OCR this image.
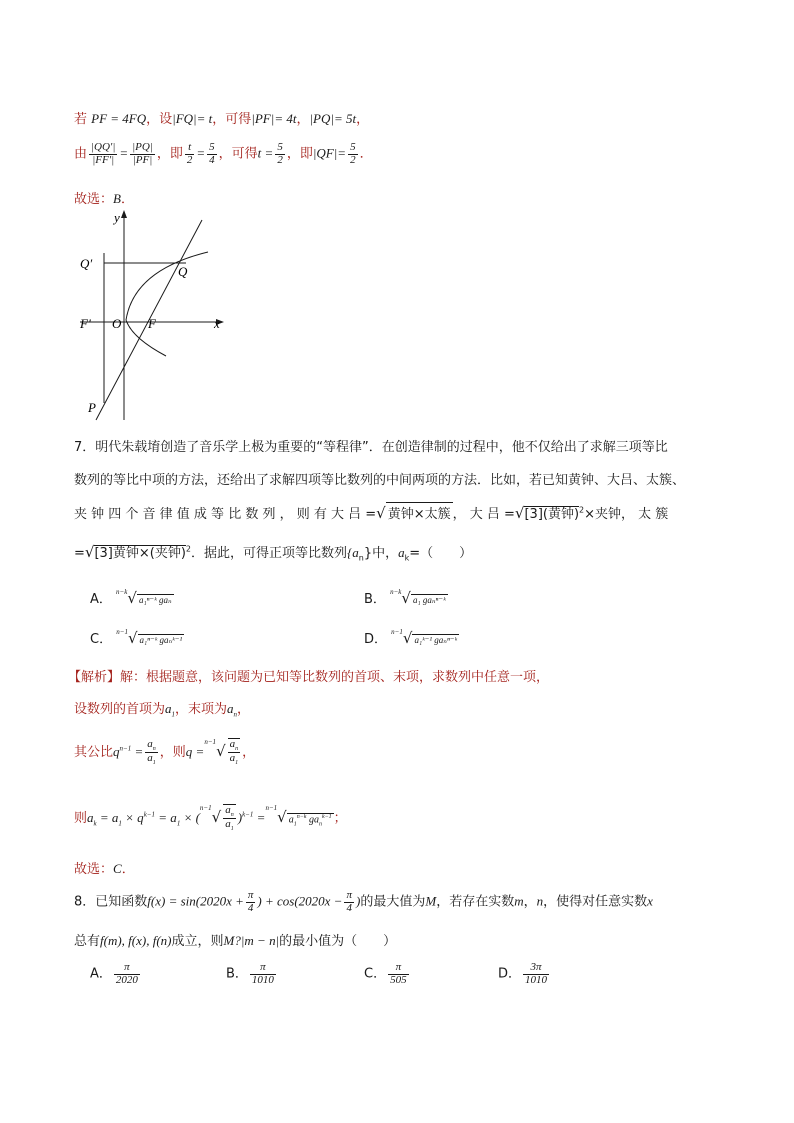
若 PF = 4FQ，设|FQ|= t，可得|PF|= 4t，|PQ|= 5t，
由 $\frac{|QQ'|}{|FF'|} = \frac{|PQ|}{|PF|}$ ，即 $\frac{t}{2} = \frac{5}{4}$ ，可得$t = \frac{5}{2}$ ，即$|QF|= \frac{5}{2}$ ．
故选：B．
y
x
Q′
Q
F′ O F
P
7．明代朱载堉创造了音乐学上极为重要的“等程律”．在创造律制的过程中，他不仅给出了求解三项等比
数列的等比中项的方法，还给出了求解四项等比数列的中间两项的方法．比如，若已知黄钟、大吕、太簇、
夹 钟 四 个 音 律 值 成 等 比 数 列 ， 则 有 大 吕 =√ 黄钟×太簇 ， 大 吕 =√[3](黄钟)$^2$×夹钟， 太 簇
=√[3]黄钟×(夹钟)$^2$．据此，可得正项等比数列$\{a_n\}$中，$a_k=$（　　）
A． $^{n-k}$√ a₁ⁿ⁻ᵏ gaₙ	B． $^{n-k}$√ a₁ gaₙⁿ⁻ᵏ
C． $^{n-1}$√ a₁ⁿ⁻ᵏ gaₙᵏ⁻¹	D． $^{n-1}$√ a₁ᵏ⁻¹ gaₙⁿ⁻ᵏ
【解析】解：根据题意，该问题为已知等比数列的首项、末项，求数列中任意一项，
设数列的首项为$a_1$，末项为$a_n$，
其公比$q^{n-1} = \frac{a_n}{a_1}$ ，则$q =^{n-1}√ \frac{a_n}{a_1}$ ，
则$a_k = a_1 \times q^{k-1} = a_1 \times (^{n-1}√ \frac{a_n}{a_1} )^{k-1} =^{n-1}√$ $a_1^{n-k}$ $ga_n^{k-1}$ ；
故选：C．
8．已知函数$f(x) = \sin(2020x + \frac{\pi}{4}$ ) + $\cos(2020x - \frac{\pi}{4}$ )的最大值为M，若存在实数m，n，使得对任意实数x
总有f(m), f(x), f(n)成立，则M?|m − n|的最小值为（　　）
A． $\frac{\pi}{2020}$	B． $\frac{\pi}{1010}$	C． $\frac{\pi}{505}$	D． $\frac{3\pi}{1010}$
